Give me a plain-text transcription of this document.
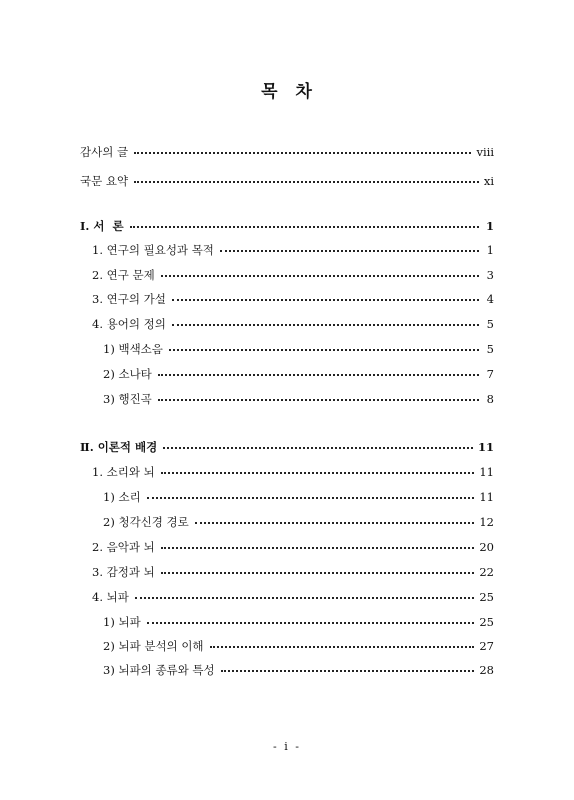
목 차
감사의 글	ⅷ
국문 요약	ⅺ
Ⅰ. 서  론	1
1. 연구의 필요성과 목적	1
2. 연구 문제	3
3. 연구의 가설	4
4. 용어의 정의	5
1) 백색소음	5
2) 소나타	7
3) 행진곡	8
Ⅱ. 이론적 배경	11
1. 소리와 뇌	11
1) 소리	11
2) 청각신경 경로	12
2. 음악과 뇌	20
3. 감정과 뇌	22
4. 뇌파	25
1) 뇌파	25
2) 뇌파 분석의 이해	27
3) 뇌파의 종류와 특성	28
- i -
